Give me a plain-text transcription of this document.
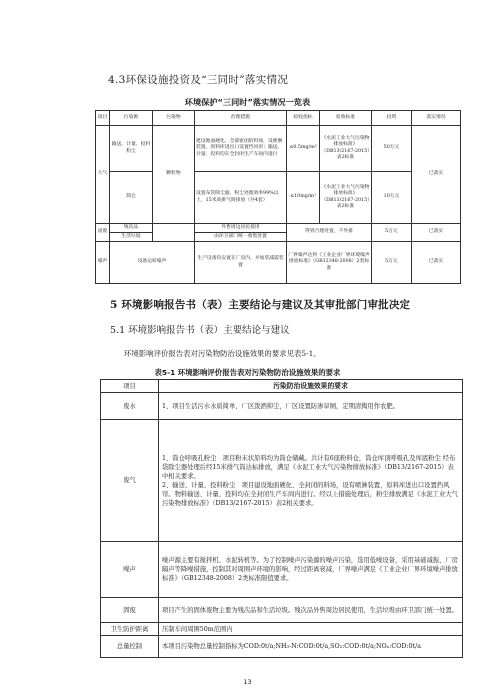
4.3环保设施投资及“三同时”落实情况
环境保护“三同时”落实情况一览表
项目	污染源	污染物	治理措施	验收指标	验收标准	投资	落实情况
大气	输送、计量、投料粉尘	颗粒物	建设地面硬化、全部密闭的料场，设喷淋装置，原料库进出口设置挡风帘；输送、计量、投料均在全封闭生产车间内进行	≤0.5mg/m³	《水泥工业大气污染物排放标准》（DB13/2167-2015）表2标准	50万元	已落实
	筒仓		设置布袋除尘器，粉尘处理效率99%以上，15米高排气筒排放（共4套）	≤10mg/m³	《水泥工业大气污染物排放标准》（DB13/2167-2015）表2标准	10万元	
固废	残次品		外售周边居民使用	得到合理处置，不外排		5万元	已落实
	生活垃圾		由环卫部门统一收集处置				
噪声	设备运转噪声		生产设备均安置在厂房内，并加装减震装置	厂界噪声达到《工业企业厂界环境噪声排放标准》（GB12348-2008）2类标准		5万元	已落实
5 环境影响报告书（表）主要结论与建议及其审批部门审批决定
5.1 环境影响报告书（表）主要结论与建议
环境影响评价报告表对污染物防治设施效果的要求见表5-1。
表5-1 环境影响评价报告表对污染物防治设施效果的要求
项目	污染防治设施效果的要求
废水	1、项目生活污水水质简单，厂区泼洒抑尘，厂区设置防渗旱厕，定期清掏用作农肥。
废气	1、筒仓呼吸孔粉尘　项目粉末状原料均为筒仓储藏。共计有6座粉料仓，筒仓库顶呼吸孔及库底粉尘 经布袋除尘器处理后经15米排气筒达标排放，满足《水泥工业大气污染物排放标准》（DB13/2167-2015）表中相关要求。
2、输送、计量、投料粉尘　项目建设地面硬化、全封闭的料场，设有喷淋装置，原料库进出口设置挡风帘。物料输送、计量、投料均在全封闭生产车间内进行。经以上措施处理后，粉尘排放满足《水泥工业大气污染物排放标准》（DB13/2167-2015）表2相关要求。
噪声	噪声源主要有搅拌机、水泥转机等。为了控制噪声污染源的噪声污染，选用低噪设备，采用基础减振、厂房隔声等降噪措施，控制其对周围声环境的影响，经过距离衰减，厂界噪声满足《工业企业厂界环境噪声排放标准》（GB12348-2008）2类标准限值要求。
固废	项目产生的固体废物主要为残次品和生活垃圾。残次品外售周边居民使用，生活垃圾由环卫部门统一处置。
卫生防护距离	压制车间周围50m范围内
总量控制	本项目污染物总量控制指标为COD:0t/a;NH₃-N:COD:0t/a,SO₂:COD:0t/a;NOₓ:COD:0t/a
13
